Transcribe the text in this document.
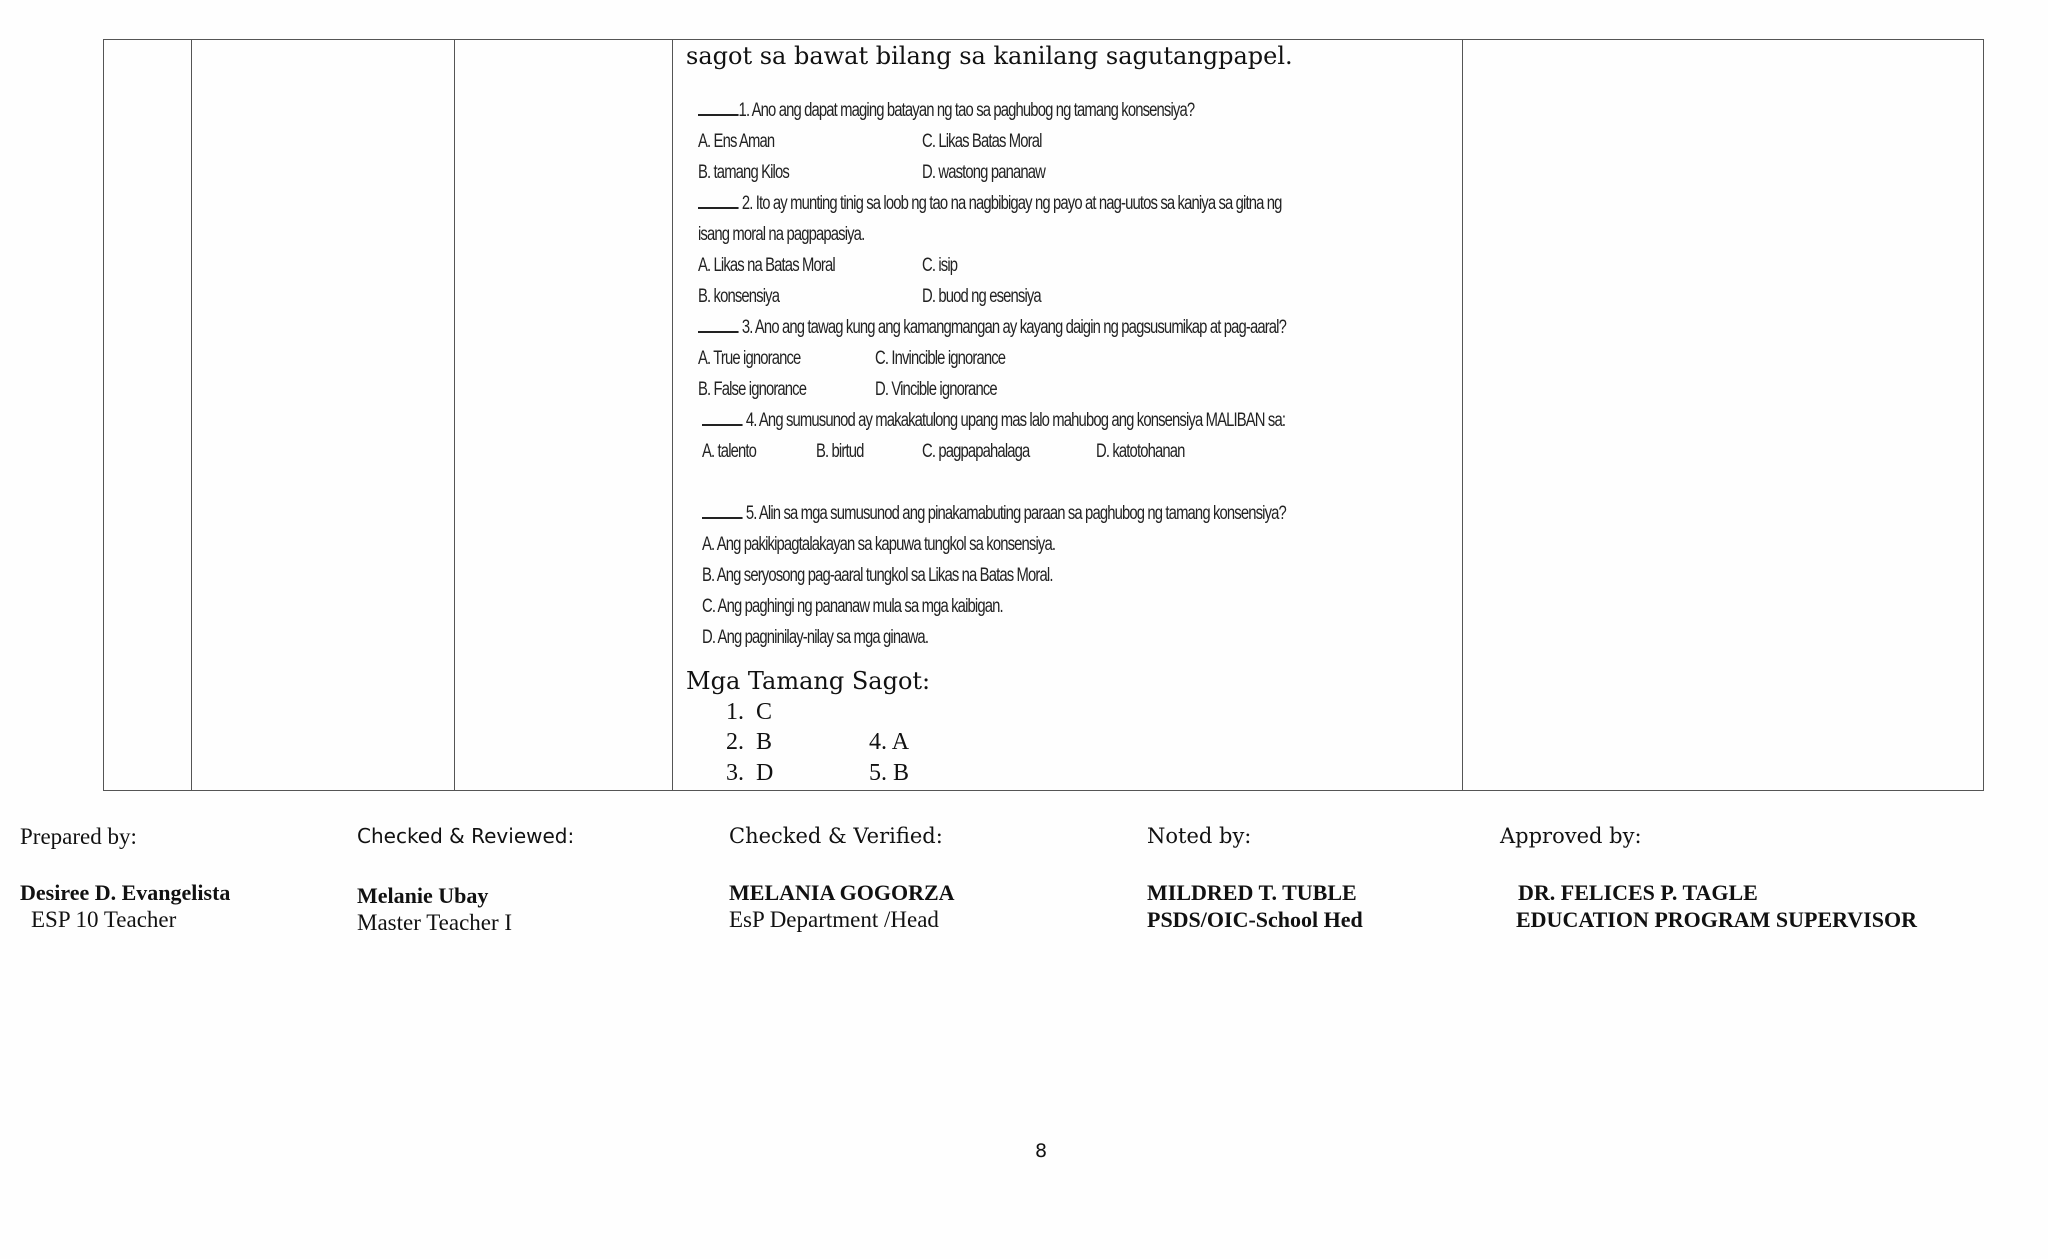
sagot sa bawat bilang sa kanilang sagutangpapel.
1. Ano ang dapat maging batayan ng tao sa paghubog ng tamang konsensiya?
A. Ens Aman	C. Likas Batas Moral
B. tamang Kilos	D. wastong pananaw
2. Ito ay munting tinig sa loob ng tao na nagbibigay ng payo at nag-uutos sa kaniya sa gitna ng
isang moral na pagpapasiya.
A. Likas na Batas Moral	C. isip
B. konsensiya	D. buod ng esensiya
3. Ano ang tawag kung ang kamangmangan ay kayang daigin ng pagsusumikap at pag-aaral?
A. True ignorance	C. Invincible ignorance
B. False ignorance	D. Vincible ignorance
4. Ang sumusunod ay makakatulong upang mas lalo mahubog ang konsensiya MALIBAN sa:
A. talento	B. birtud	C. pagpapahalaga	D. katotohanan
5. Alin sa mga sumusunod ang pinakamabuting paraan sa paghubog ng tamang konsensiya?
A. Ang pakikipagtalakayan sa kapuwa tungkol sa konsensiya.
B. Ang seryosong pag-aaral tungkol sa Likas na Batas Moral.
C. Ang paghingi ng pananaw mula sa mga kaibigan.
D. Ang pagninilay-nilay sa mga ginawa.
Mga Tamang Sagot:
1. C
2. B
3. D
4. A
5. B
Prepared by:
Desiree D. Evangelista
ESP 10 Teacher
Checked & Reviewed:
Melanie Ubay
Master Teacher I
Checked & Verified:
MELANIA GOGORZA
EsP Department /Head
Noted by:
MILDRED T. TUBLE
PSDS/OIC-School Hed
Approved by:
DR. FELICES P. TAGLE
EDUCATION PROGRAM SUPERVISOR
8
